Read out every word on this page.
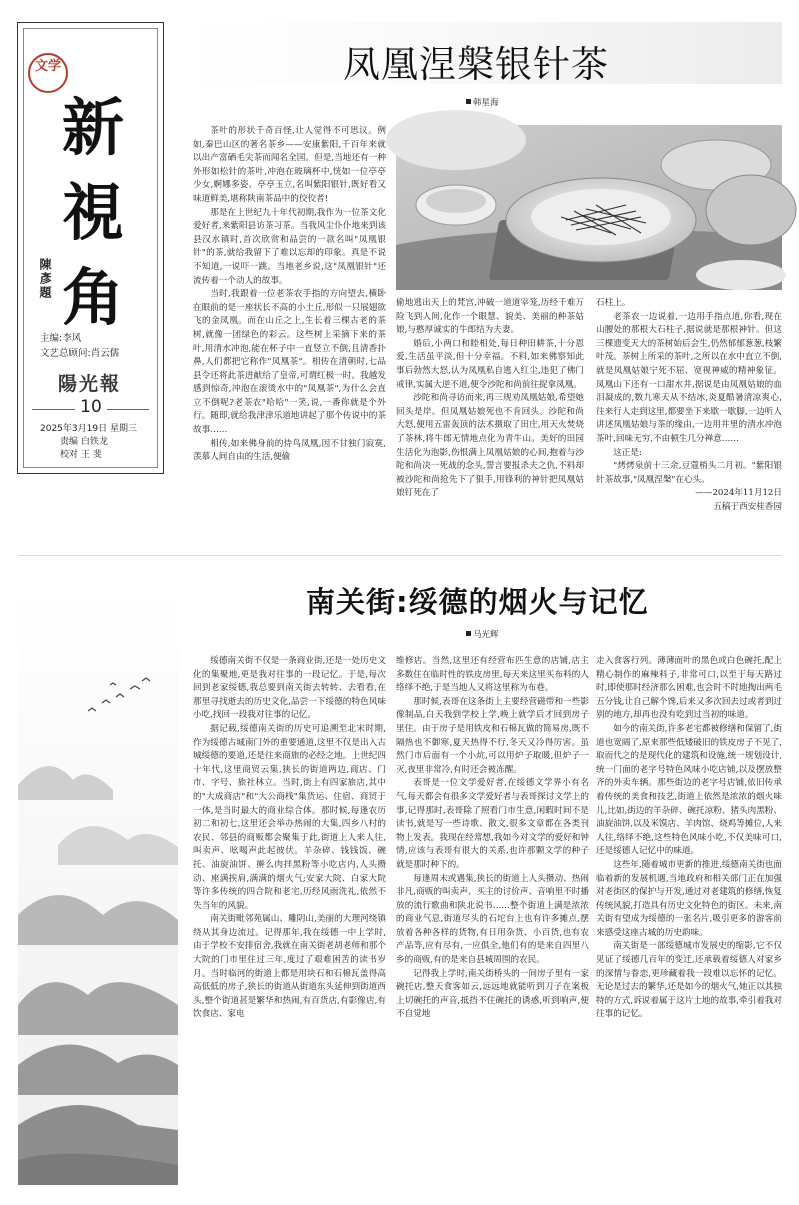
文学
新
視
角
陳彥題
主编:李风
文艺总顾问:肖云儒
陽光報
10
2025年3月19日 星期三
责编 白铁龙
校对 王 斐
凤凰涅槃银针茶
韩星海

茶叶的形状千奇百怪,让人觉得不可思议。例如,秦巴山区的著名茶乡——安康紫阳,千百年来就以出产富硒毛尖茶而闻名全国。但是,当地还有一种外形如松针的茶叶,冲泡在玻璃杯中,恍如一位亭亭少女,婀娜多姿、亭亭玉立,名叫紫阳银针,既好看又味道鲜美,堪称陕南茶品中的佼佼者!

那是在上世纪九十年代初期,我作为一位茶文化爱好者,来紫阳县访茶习茶。当我风尘仆仆地来到该县汉水镇时,首次欣赏和品尝的一款名叫"凤凰银针"的茶,就给我留下了难以忘却的印象。真是不说不知道,一说吓一跳。当地老乡说,这"凤凰银针"还流传着一个动人的故事。

当时,我跟着一位老茶农手指的方向望去,横卧在眼前的是一座状长不高的小土丘,形似一只展翅欲飞的金凤凰。而在山丘之上,生长着三棵古老的茶树,就像一团绿色的彩云。这些树上采摘下来的茶叶,用清水冲泡,能在杯子中一直竖立不倒,且清香扑鼻,人们都把它称作"凤凰茶"。相传在清朝时,七品县令还将此茶进献给了皇帝,可谓红极一时。我越发感到惊奇,冲泡在滚烫水中的"凤凰茶",为什么会直立不倒呢?老茶农"哈哈"一笑,说,一番你就是个外行。随即,就给我津津乐道地讲起了那个传说中的茶故事……

相传,如来佛身前的侍鸟凤凰,因不甘独门寂寞,羡慕人间自由的生活,便偷

偷地逃出天上的梵宫,冲破一道道宰笼,历经千难万险飞到人间,化作一个眼慧、貌美、美丽的种茶姑娘,与憨厚诚实的牛郎结为夫妻。

婚后,小两口和睦相处,每日种田耕茶,十分恩爱,生活虽平淡,但十分幸福。不料,如来佛察知此事后勃然大怒,认为凤凰私自逃入红尘,违犯了佛门戒律,实属大逆不道,便令沙陀和尚前往捉拿凤凰。

沙陀和尚寻访而来,再三规劝凤凰姑娘,希望她回头是岸。但凤凰姑娘死也不肯回头。沙陀和尚大怒,便用五雷轰顶的法术摄取了田庄,用天火焚烧了茶林,将牛郎无情地点化为青牛山。美好的田园生活化为泡影,伤恨满上凤凰姑娘的心间,抱着与沙陀和尚决一死战的念头,誓言要报杀夫之仇,不料却被沙陀和尚抢先下了狠手,用锋利的神针把凤凰姑娘钉死在了

石柱上。

老茶农一边说着,一边用手指点道,你看,现在山腰处的那根大石柱子,据说就是那根神针。但这三棵遗变天大的茶树始后会生,仍然郁郁葱葱,枝繁叶茂。茶树上所采的茶叶,之所以在水中直立不倒,就是凤凰姑娘宁死不屈、宽视神威的精神象征。凤凰山下还有一口甜水井,据说是由凤凰姑娘的血泪凝成的,数九寒天从不结冰,炎夏酷暑清凉爽心,往来行人走到这里,都要坐下来歇一歇脚,一边听人讲述凤凰姑娘与茶的缘由,一边用井里的清水冲泡茶叶,回味无穷,不由顿生几分禅意……

这正是:

"烤烤泉前十三余,豆蔻梢头二月初。"紫阳银针茶故事,"凤凰涅槃"在心头。

——2024年11月12日

五稿于西安桂香园

南关街:绥德的烟火与记忆
马光辉

绥德南关街不仅是一条商业街,还是一处历史文化的集聚地,更是我对往事的一段记忆。于是,每次回到老家绥德,我总要到南关街去转转、去看看,在那里寻找逝去的历史文化,品尝一下绥德的特色风味小吃,找回一段我对往事的记忆。

据记载,绥德南关街的历史可追溯至北宋时期,作为绥德古城南门外的重要通道,这里不仅是出入古城绥德的要道,还是往来商旅的必经之地。上世纪四十年代,这里商贸云集,狭长的街道两边,商店、门市、字号、旅社林立。当时,街上有四家旅店,其中的"大成商店"和"大公商栈"集货运、住宿、商贸于一体,是当时最大的商业综合体。那时候,每逢农历初二和初七,这里还会举办热闹的大集,四乡八村的农民、邻县的商贩都会聚集于此,街道上人来人往,叫卖声、吆喝声此起彼伏。羊杂碎、钱钱饭、碗托、油旋油饼、擀么肉拌黑粉等小吃店内,人头攒动、座满挨肩,满满的烟火气;安家大院、白家大院等许多传统的四合院和老宅,历经风雨洗礼,依然不失当年的风貌。

南关街毗邻苑属山、雕阴山,美丽的大理河绕镇绕从其身边流过。记得那年,我在绥德一中上学时,由于学校不安排宿舍,我就在南关街老胡老师和那个大院的门市里住过三年,度过了艰难困苦的读书岁月。当时临河的街道上都是用块石和石棉瓦盖得高高低低的房子,狭长的街道从街道东头延伸到街道西头,整个街道甚是繁华和热闹,有百货店,有影像店,有饮食店、家电

维修店。当然,这里还有经营布匹生意的店铺,店主多数住在临时性的铁皮房里,每天来这里买布料的人络绎不绝,于是当地人又将这里称为布巷。

那时候,表哥在这条街上主要经营磁带和一些影像制品,白天我到学校上学,晚上就学后才回到房子里住。由于房子是用铁皮和石棉瓦做的简易房,既不隔热也不御寒,夏天热得不行,冬天又冷得厉害。虽然门市后面有一个小炕,可以用炉子取暖,但炉子一灭,夜里非常冷,有时还会被冻醒。

表哥是一位文学爱好者,在绥德文学界小有名气,每天都会有很多文学爱好者与表哥探讨文学上的事,记得那时,表哥除了照看门市生意,闲暇时间不是读书,就是写一些诗歌、散文,很多文章都在各类刊物上发表。我现在经常想,我如今对文学的爱好和钟情,应该与表哥有很大的关系,也许那颗文学的种子就是那时种下的。

每逢周末或遇集,狭长的街道上人头攒动、热闹非凡,商贩的叫卖声、买主的讨价声、音响里不时播放的流行歌曲和陕北说书……整个街道上满是浓浓的商业气息,街道尽头的石坨台上也有许多摊点,摆放着各种各样的货物,有日用杂货、小百货,也有农产品等,应有尽有,一应俱全,他们有的是来自四里八乡的商贩,有的是来自县城周围的农民。

记得我上学时,南关街桥头的一间房子里有一家碗托店,整天食客如云,远远地就能听到刀子在案板上切碗托的声音,抵挡不住碗托的诱惑,听到响声,便不自觉地

走入食客行列。薄薄面叶的黑色或白色碗托,配上精心制作的麻辣料子,非常可口,以至于每天路过时,即使那时经济那么困难,也会时不时地掏出两毛五分钱,让自己解个馋,后来又多次回去过或者到过别的地方,却再也没有吃到过当初的味道。

如今的南关街,许多老宅都被修缮和保留了,街道也宽阔了,原来那些低矮破旧的铁皮房子不见了,取而代之的是现代化的建筑和设施,统一规划设计,统一门面的老字号特色风味小吃店铺,以及摆放整齐的外卖车辆。那些街边的老字号店铺,依旧传承着传统的美食和技艺,街道上依然是浓浓的烟火味儿,比如,街边的羊杂碎、碗托凉粉、猪头肉黑粉、油旋油饼,以及米馍店、羊肉馆、烧鸡等摊位,人来人往,络绎不绝,这些特色风味小吃,不仅美味可口,还是绥德人记忆中的味道。

这些年,随着城市更新的推进,绥德南关街也面临着新的发展机遇,当地政府和相关部门正在加强对老街区的保护与开发,通过对老建筑的修缮,恢复传统风貌,打造具有历史文化特色的街区。未来,南关街有望成为绥德的一张名片,吸引更多的游客前来感受这座古城的历史韵味。

南关街是一部绥德城市发展史的缩影,它不仅见证了绥德几百年的变迁,还承载着绥德人对家乡的深情与眷恋,更珍藏着我一段难以忘怀的记忆。无论是过去的繁华,还是如今的烟火气,她正以其独特的方式,诉说着属于这片土地的故事,牵引着我对往事的记忆。
